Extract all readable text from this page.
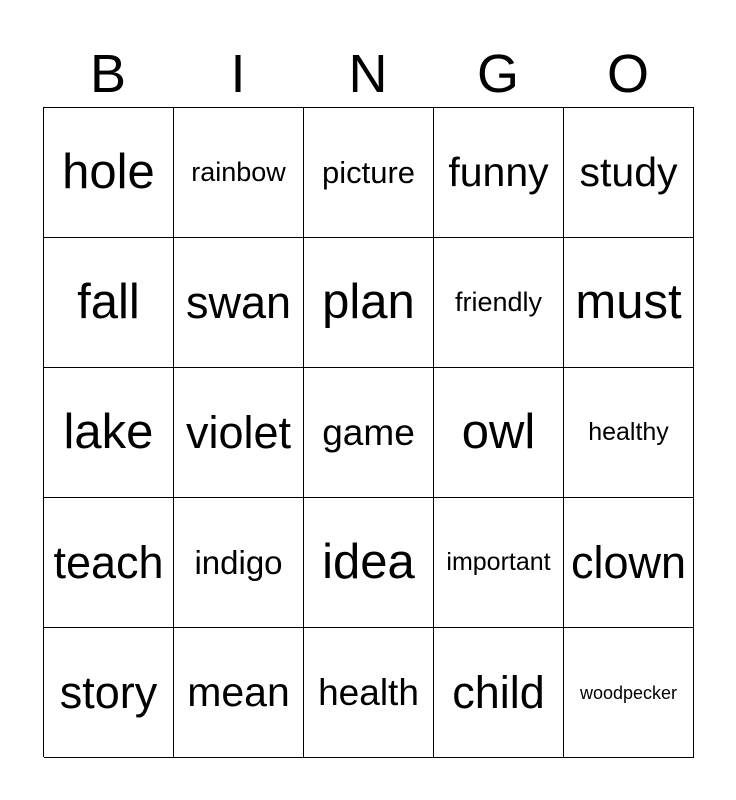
B	I	N	G	O
hole rainbow picture funny study
fall swan plan friendly must
lake violet game owl healthy
teach indigo idea important clown
story mean health child woodpecker
